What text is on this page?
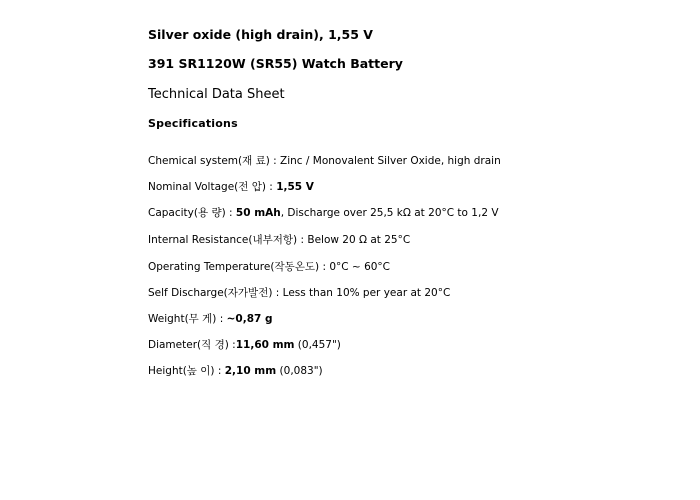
Silver oxide (high drain), 1,55 V
391 SR1120W (SR55) Watch Battery
Technical Data Sheet
Specifications
Chemical system(재 료) : Zinc / Monovalent Silver Oxide, high drain
Nominal Voltage(전 압) : 1,55 V
Capacity(용 량) : 50 mAh, Discharge over 25,5 kΩ at 20°C to 1,2 V
Internal Resistance(내부저항) : Below 20 Ω at 25°C
Operating Temperature(작동온도) : 0°C ~ 60°C
Self Discharge(자가발전) : Less than 10% per year at 20°C
Weight(무 게) : ~0,87 g
Diameter(직 경) :11,60 mm (0,457")
Height(높 이) : 2,10 mm (0,083")
